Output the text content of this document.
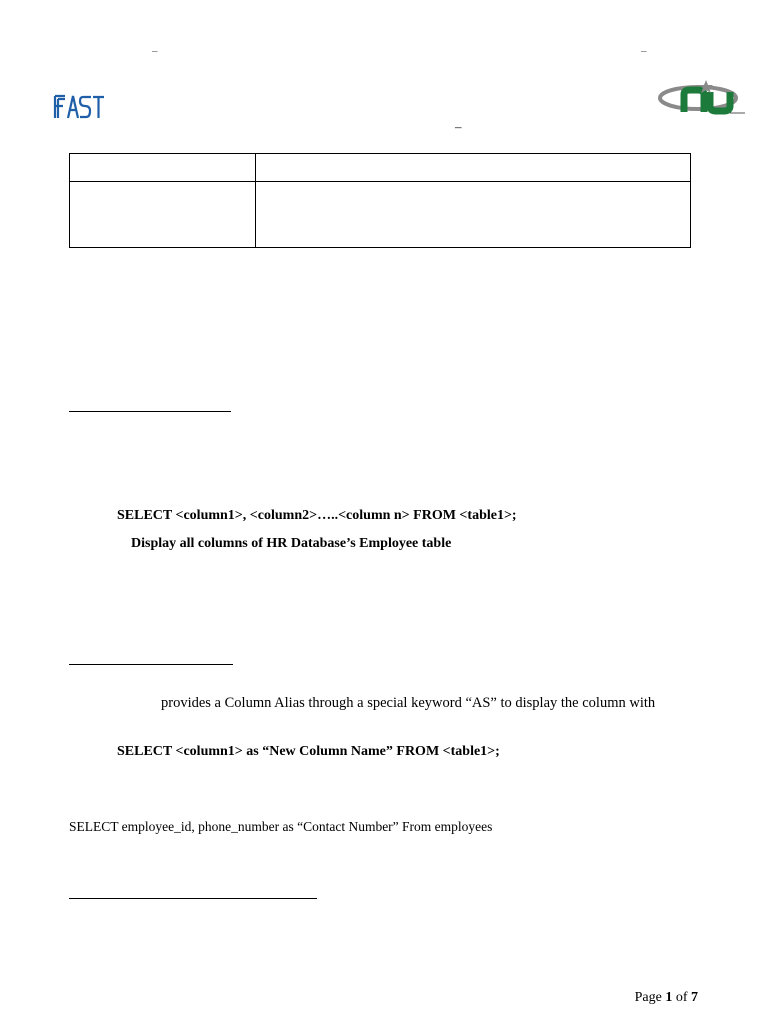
–	–
–

SELECT <column1>, <column2>…..<column n> FROM <table1>;
Display all columns of HR Database’s Employee table
provides a Column Alias through a special keyword “AS” to display the column with
SELECT <column1> as “New Column Name” FROM <table1>;
SELECT employee_id, phone_number as “Contact Number” From employees
Page 1 of 7
